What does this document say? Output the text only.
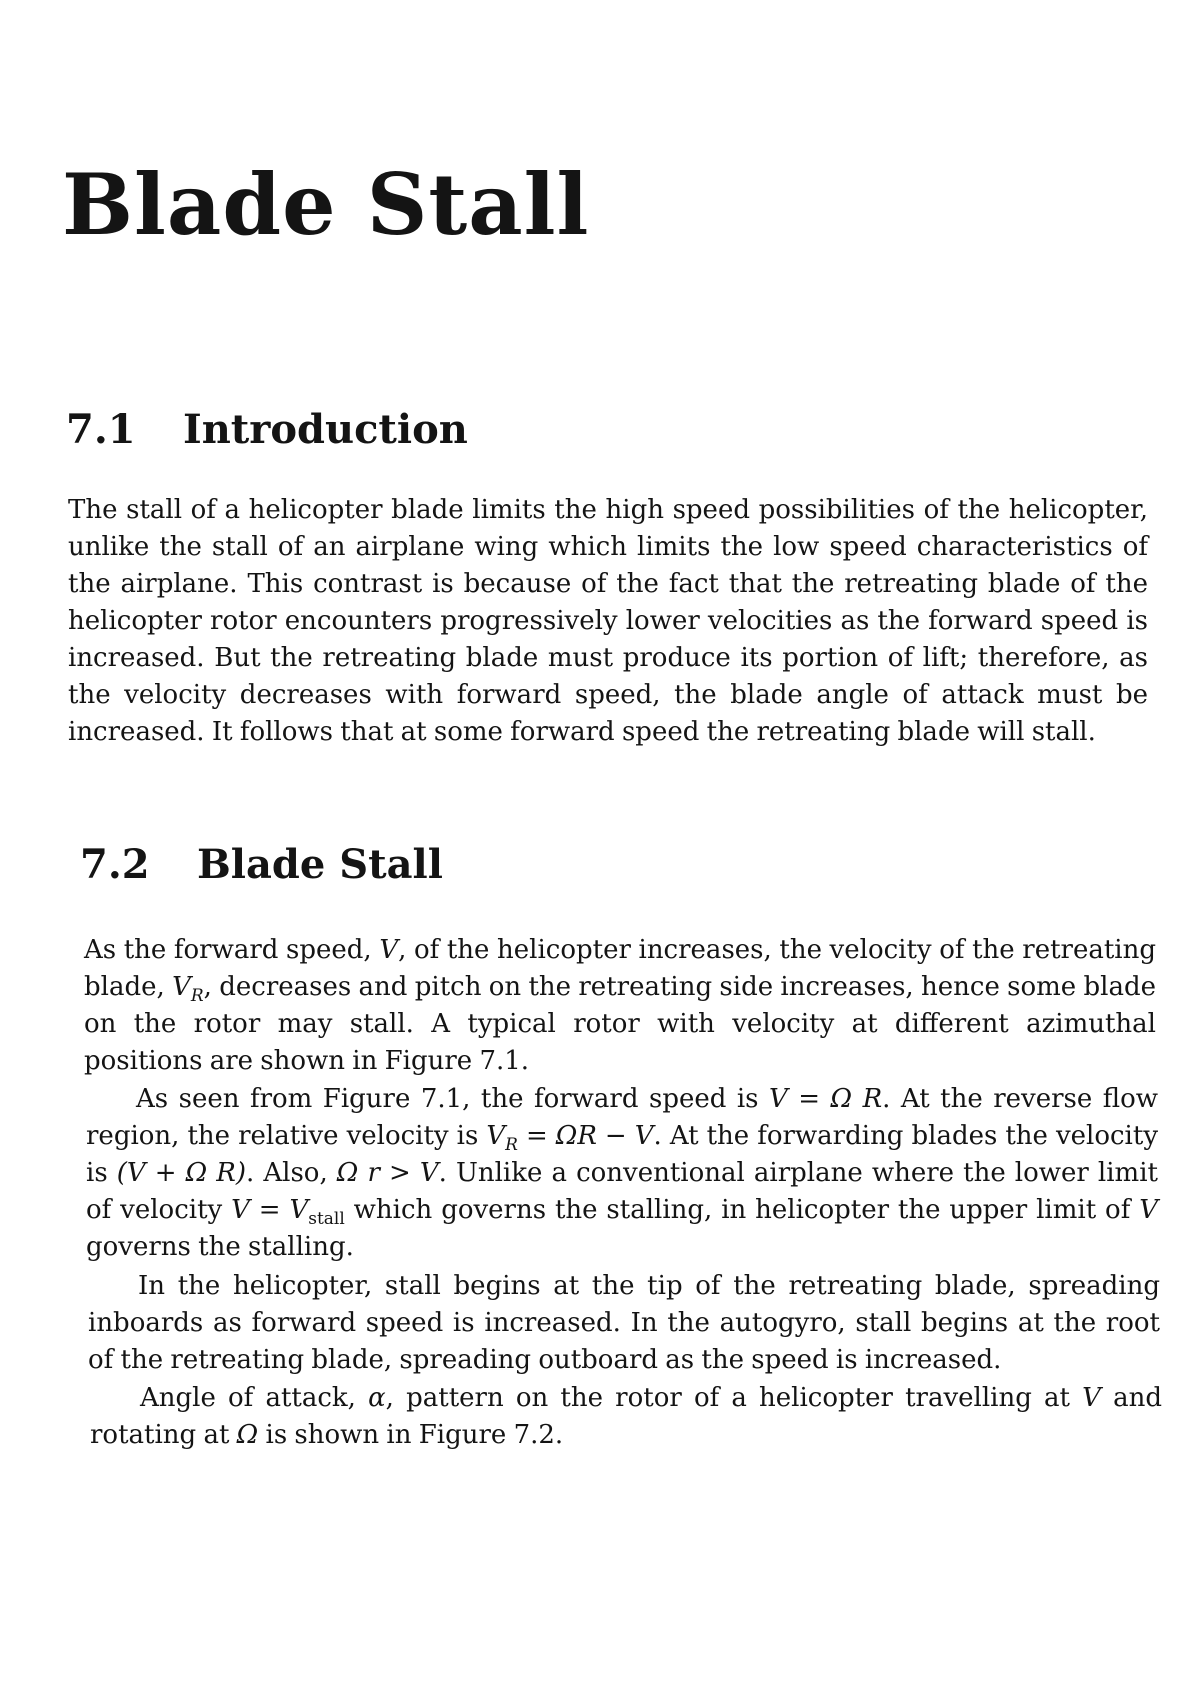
Blade Stall
7.1 Introduction

The stall of a helicopter blade limits the high speed possibilities of the helicopter, unlike the stall of an airplane wing which limits the low speed characteristics of the airplane. This contrast is because of the fact that the retreating blade of the helicopter rotor encounters progressively lower velocities as the forward speed is increased. But the retreating blade must produce its portion of lift; therefore, as the velocity decreases with forward speed, the blade angle of attack must be increased. It follows that at some forward speed the retreating blade will stall.

7.2 Blade Stall

As the forward speed, V, of the helicopter increases, the velocity of the retreating blade, $V_R$, decreases and pitch on the retreating side increases, hence some blade on the rotor may stall. A typical rotor with velocity at different azimuthal positions are shown in Figure 7.1.

As seen from Figure 7.1, the forward speed is V = Ω R. At the reverse flow region, the relative velocity is $V_R = \Omega R - V$. At the forwarding blades the velocity is (V + Ω R). Also, Ω r > V. Unlike a conventional airplane where the lower limit of velocity $V = V_{stall}$ which governs the stalling, in helicopter the upper limit of V governs the stalling.

In the helicopter, stall begins at the tip of the retreating blade, spreading inboards as forward speed is increased. In the autogyro, stall begins at the root of the retreating blade, spreading outboard as the speed is increased.

Angle of attack, α, pattern on the rotor of a helicopter travelling at V and rotating at Ω is shown in Figure 7.2.
